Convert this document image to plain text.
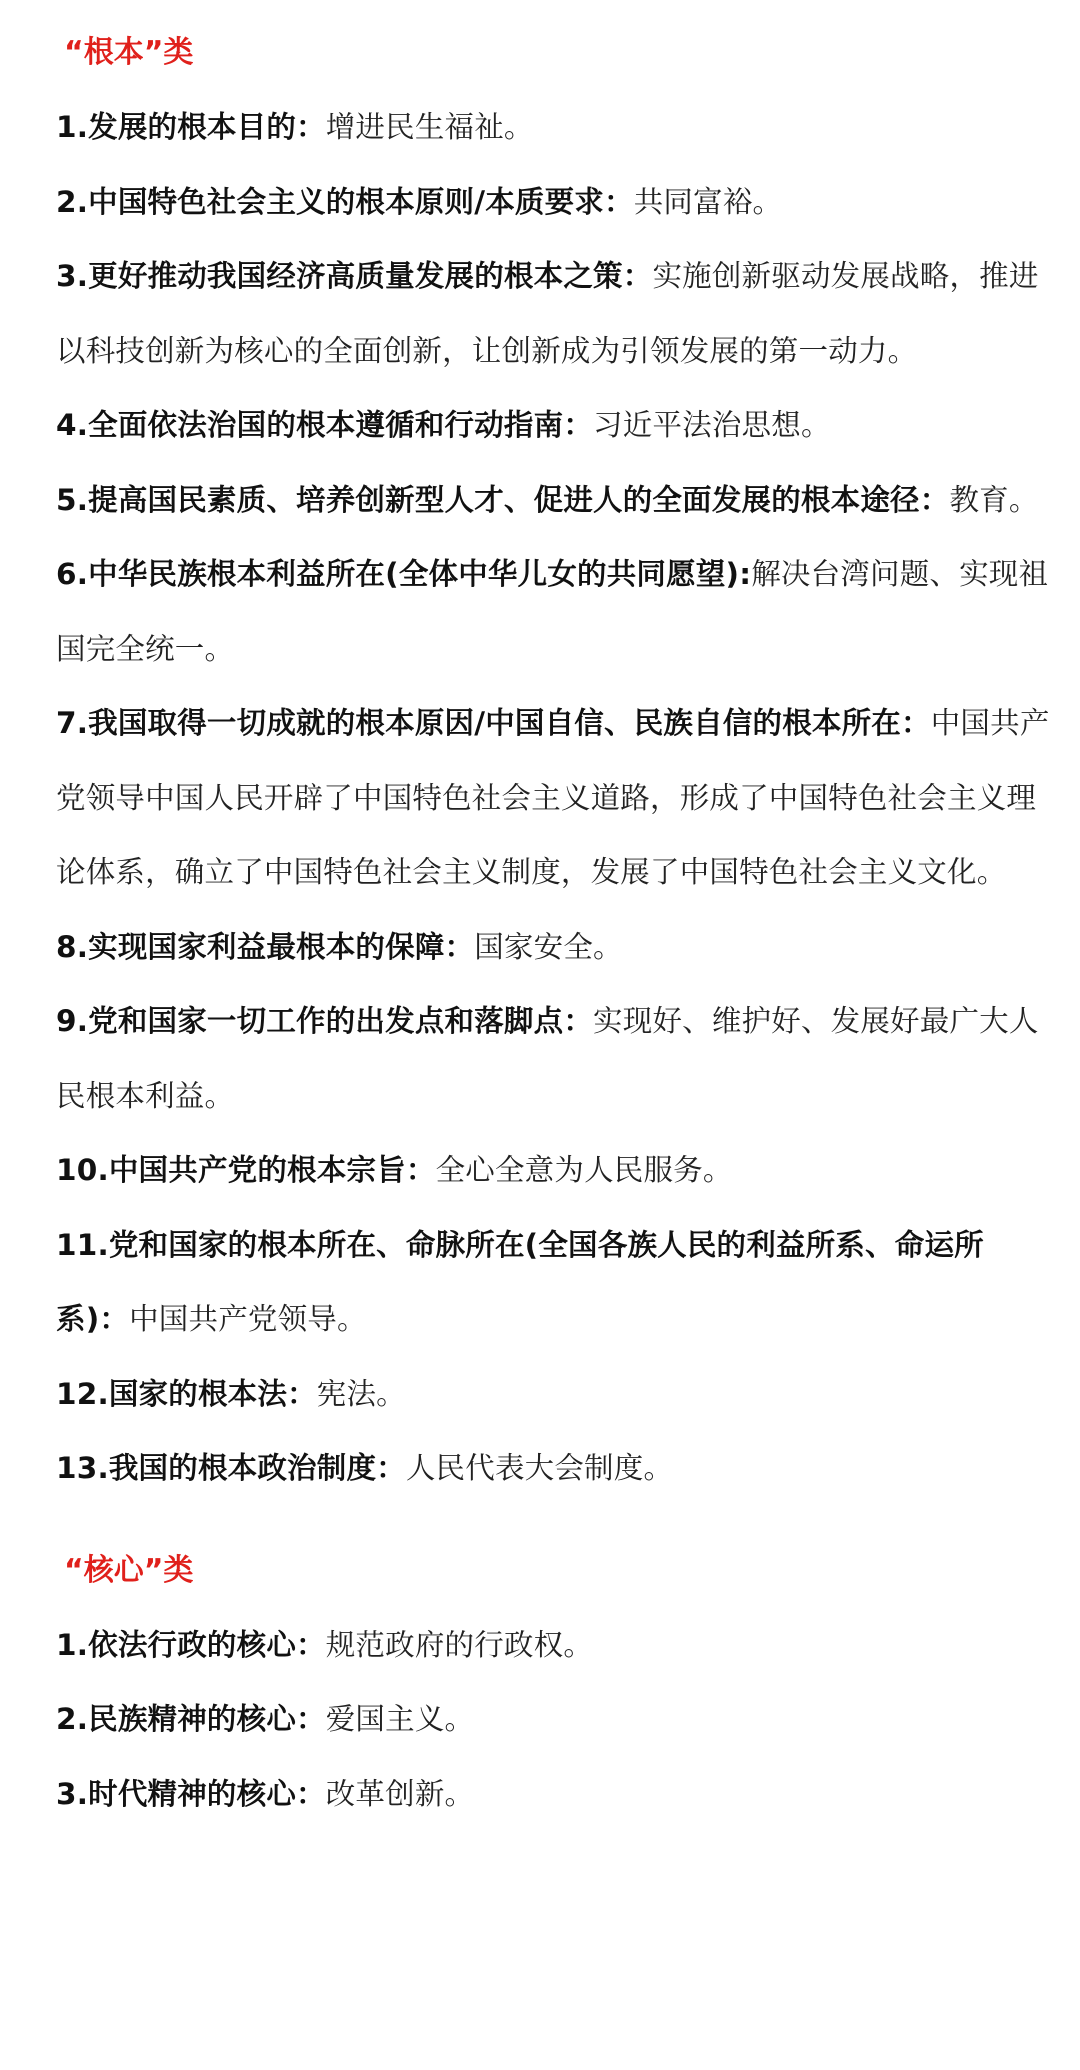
“根本”类

1.发展的根本目的：增进民生福祉。

2.中国特色社会主义的根本原则/本质要求：共同富裕。

3.更好推动我国经济高质量发展的根本之策：实施创新驱动发展战略，推进以科技创新为核心的全面创新，让创新成为引领发展的第一动力。

4.全面依法治国的根本遵循和行动指南：习近平法治思想。

5.提高国民素质、培养创新型人才、促进人的全面发展的根本途径：教育。

6.中华民族根本利益所在(全体中华儿女的共同愿望):解决台湾问题、实现祖国完全统一。

7.我国取得一切成就的根本原因/中国自信、民族自信的根本所在：中国共产党领导中国人民开辟了中国特色社会主义道路，形成了中国特色社会主义理论体系，确立了中国特色社会主义制度，发展了中国特色社会主义文化。

8.实现国家利益最根本的保障：国家安全。

9.党和国家一切工作的出发点和落脚点：实现好、维护好、发展好最广大人民根本利益。

10.中国共产党的根本宗旨：全心全意为人民服务。

11.党和国家的根本所在、命脉所在(全国各族人民的利益所系、命运所系)：中国共产党领导。

12.国家的根本法：宪法。

13.我国的根本政治制度：人民代表大会制度。

“核心”类

1.依法行政的核心：规范政府的行政权。

2.民族精神的核心：爱国主义。

3.时代精神的核心：改革创新。
